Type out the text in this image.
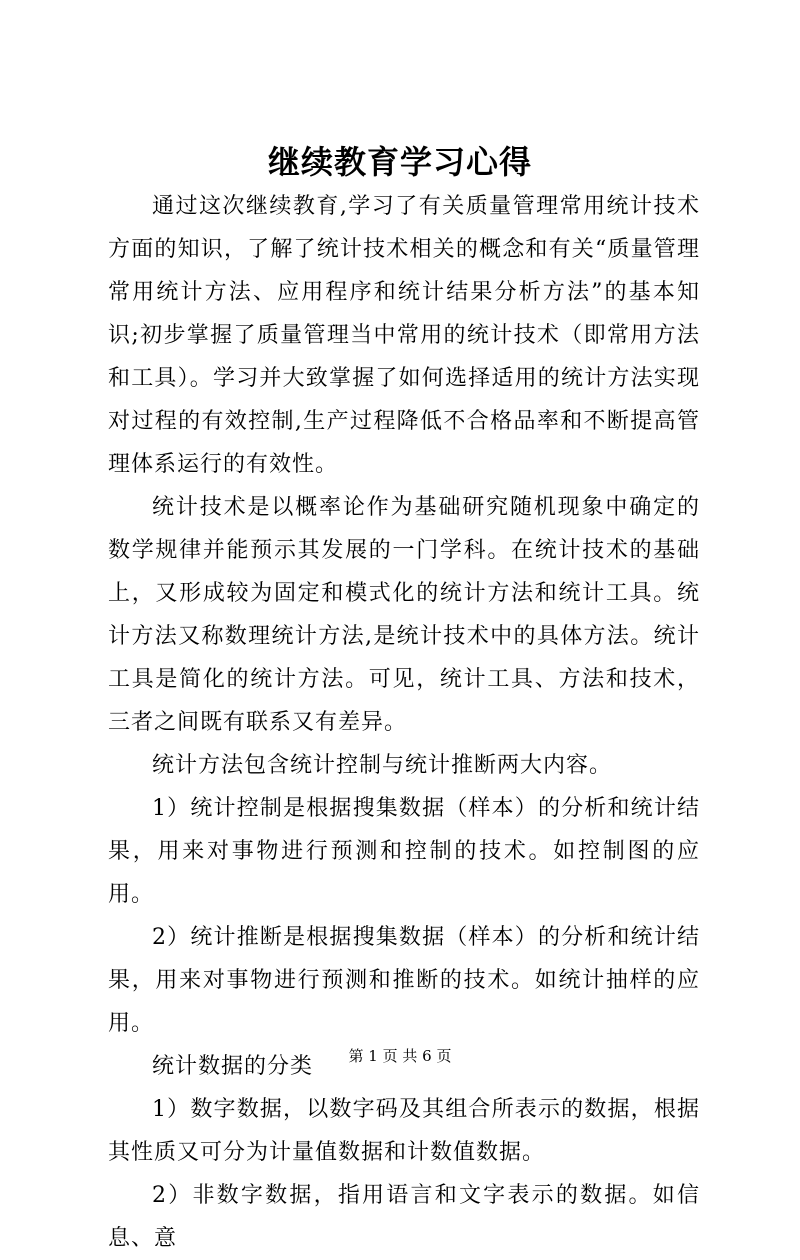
继续教育学习心得

通过这次继续教育,学习了有关质量管理常用统计技术方面的知识，了解了统计技术相关的概念和有关“质量管理常用统计方法、应用程序和统计结果分析方法”的基本知识;初步掌握了质量管理当中常用的统计技术（即常用方法和工具）。学习并大致掌握了如何选择适用的统计方法实现对过程的有效控制,生产过程降低不合格品率和不断提高管理体系运行的有效性。

统计技术是以概率论作为基础研究随机现象中确定的数学规律并能预示其发展的一门学科。在统计技术的基础上，又形成较为固定和模式化的统计方法和统计工具。统计方法又称数理统计方法,是统计技术中的具体方法。统计工具是简化的统计方法。可见，统计工具、方法和技术，三者之间既有联系又有差异。

统计方法包含统计控制与统计推断两大内容。

1）统计控制是根据搜集数据（样本）的分析和统计结果，用来对事物进行预测和控制的技术。如控制图的应用。

2）统计推断是根据搜集数据（样本）的分析和统计结果，用来对事物进行预测和推断的技术。如统计抽样的应用。

统计数据的分类

1）数字数据，以数字码及其组合所表示的数据，根据其性质又可分为计量值数据和计数值数据。

2）非数字数据，指用语言和文字表示的数据。如信息、意

第 1 页 共 6 页
